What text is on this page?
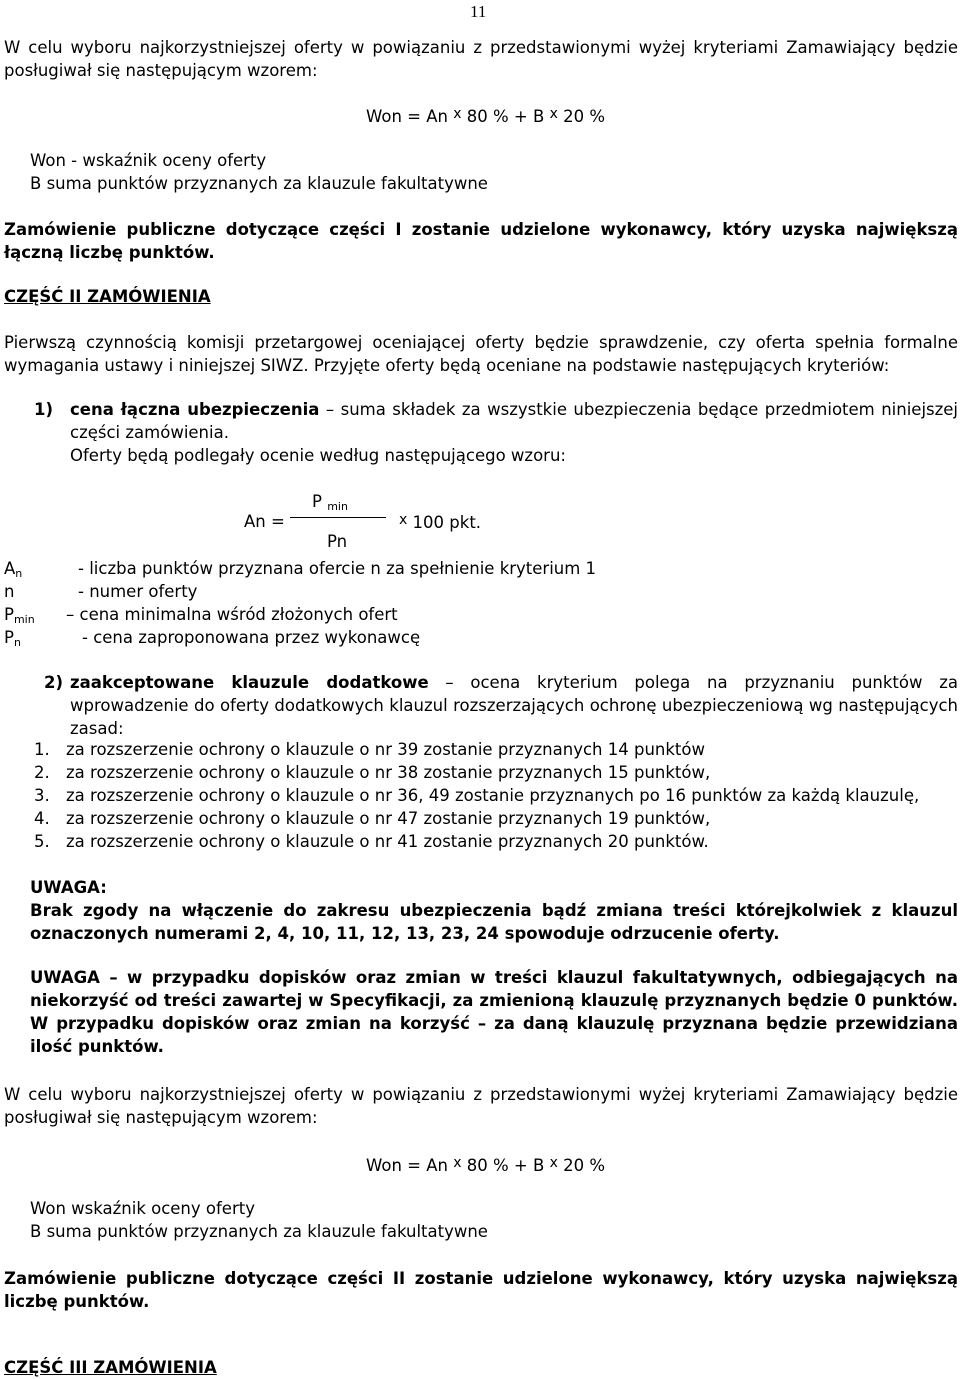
11
W celu wyboru najkorzystniejszej oferty w powiązaniu z przedstawionymi wyżej kryteriami Zamawiający będzie posługiwał się następującym wzorem:
Won = An $^x$ 80 % + B $^x$ 20 %
Won - wskaźnik oceny oferty
B suma punktów przyznanych za klauzule fakultatywne
Zamówienie publiczne dotyczące części I zostanie udzielone wykonawcy, który uzyska największą łączną liczbę punktów.
CZĘŚĆ II ZAMÓWIENIA
Pierwszą czynnością komisji przetargowej oceniającej oferty będzie sprawdzenie, czy oferta spełnia formalne wymagania ustawy i niniejszej SIWZ. Przyjęte oferty będą oceniane na podstawie następujących kryteriów:
1) cena łączna ubezpieczenia – suma składek za wszystkie ubezpieczenia będące przedmiotem niniejszej części zamówienia.
Oferty będą podlegały ocenie według następującego wzoru:
P $_{min}$
An =	$^x$ 100 pkt.
Pn
$A_n$	- liczba punktów przyznana ofercie n za spełnienie kryterium 1
n	- numer oferty
$P_{min}$ – cena minimalna wśród złożonych ofert
$P_n$	- cena zaproponowana przez wykonawcę
2) zaakceptowane klauzule dodatkowe – ocena kryterium polega na przyznaniu punktów za wprowadzenie do oferty dodatkowych klauzul rozszerzających ochronę ubezpieczeniową wg następujących zasad:
1. za rozszerzenie ochrony o klauzule o nr 39 zostanie przyznanych 14 punktów
2. za rozszerzenie ochrony o klauzule o nr 38 zostanie przyznanych 15 punktów,
3. za rozszerzenie ochrony o klauzule o nr 36, 49 zostanie przyznanych po 16 punktów za każdą klauzulę,
4. za rozszerzenie ochrony o klauzule o nr 47 zostanie przyznanych 19 punktów,
5. za rozszerzenie ochrony o klauzule o nr 41 zostanie przyznanych 20 punktów.
UWAGA:
Brak zgody na włączenie do zakresu ubezpieczenia bądź zmiana treści którejkolwiek z klauzul oznaczonych numerami 2, 4, 10, 11, 12, 13, 23, 24 spowoduje odrzucenie oferty.
UWAGA – w przypadku dopisków oraz zmian w treści klauzul fakultatywnych, odbiegających na niekorzyść od treści zawartej w Specyfikacji, za zmienioną klauzulę przyznanych będzie 0 punktów. W przypadku dopisków oraz zmian na korzyść – za daną klauzulę przyznana będzie przewidziana ilość punktów.
W celu wyboru najkorzystniejszej oferty w powiązaniu z przedstawionymi wyżej kryteriami Zamawiający będzie posługiwał się następującym wzorem:
Won = An $^x$ 80 % + B $^x$ 20 %
Won wskaźnik oceny oferty
B suma punktów przyznanych za klauzule fakultatywne
Zamówienie publiczne dotyczące części II zostanie udzielone wykonawcy, który uzyska największą liczbę punktów.
CZĘŚĆ III ZAMÓWIENIA
